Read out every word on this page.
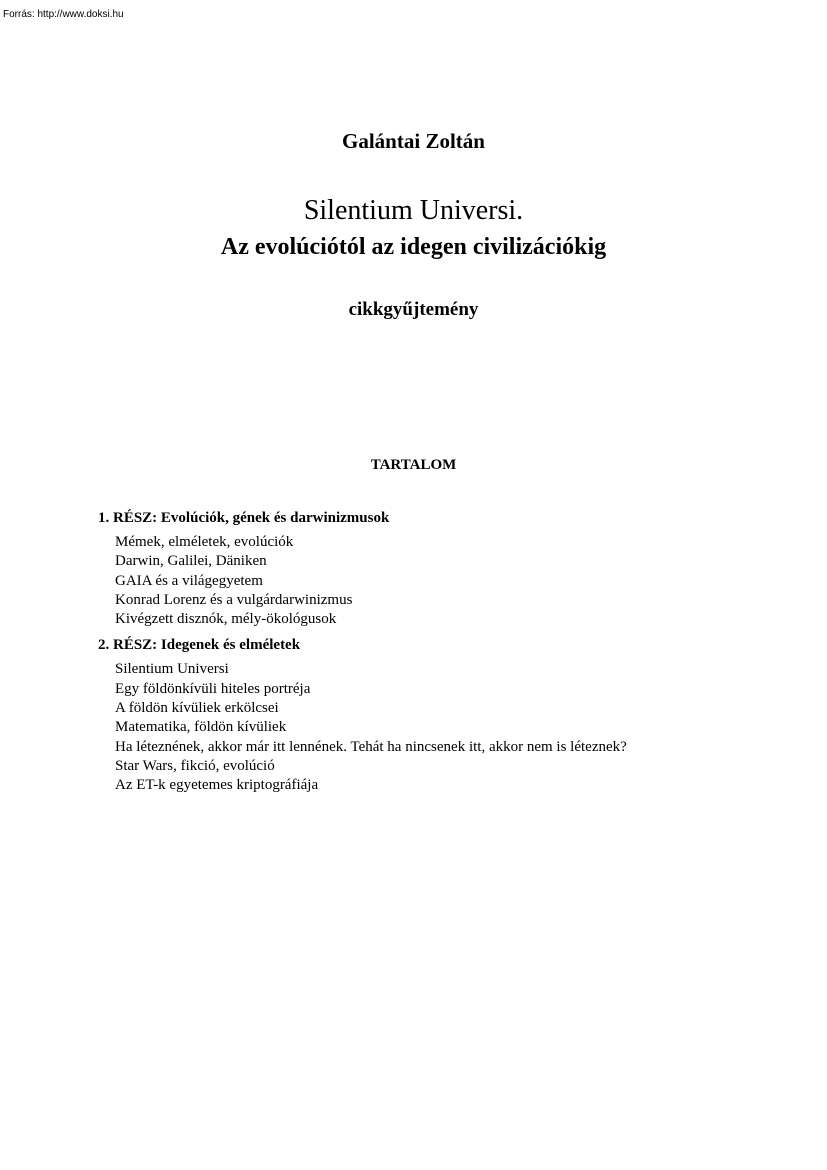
Forrás: http://www.doksi.hu
Galántai Zoltán
Silentium Universi.
Az evolúciótól az idegen civilizációkig
cikkgyűjtemény
TARTALOM
1. RÉSZ: Evolúciók, gének és darwinizmusok
Mémek, elméletek, evolúciók
Darwin, Galilei, Däniken
GAIA és a világegyetem
Konrad Lorenz és a vulgárdarwinizmus
Kivégzett disznók, mély-ökológusok
2. RÉSZ: Idegenek és elméletek
Silentium Universi
Egy földönkívüli hiteles portréja
A földön kívüliek erkölcsei
Matematika, földön kívüliek
Ha léteznének, akkor már itt lennének. Tehát ha nincsenek itt, akkor nem is léteznek?
Star Wars, fikció, evolúció
Az ET-k egyetemes kriptográfiája
